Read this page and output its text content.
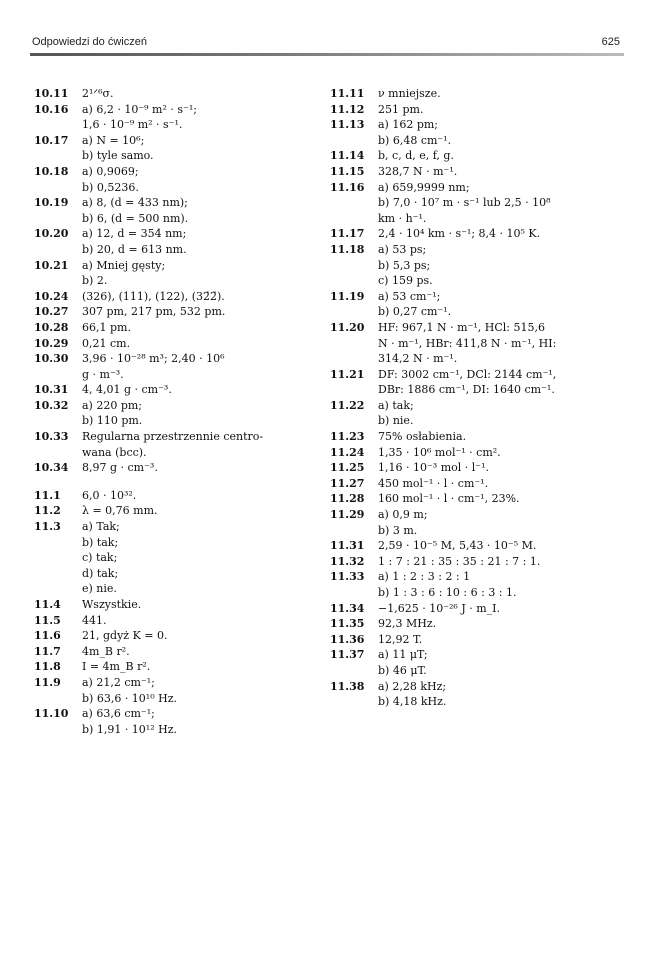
Odpowiedzi do ćwiczeń	625
10.11	2¹ᐟ⁶σ.
10.16	a) 6,2 · 10⁻⁹ m² · s⁻¹;
1,6 · 10⁻⁹ m² · s⁻¹.
10.17	a) N = 10⁶;
b) tyle samo.
10.18	a) 0,9069;
b) 0,5236.
10.19	a) 8, (d = 433 nm);
b) 6, (d = 500 nm).
10.20	a) 12, d = 354 nm;
b) 20, d = 613 nm.
10.21	a) Mniej gęsty;
b) 2.
10.24	(326), (111), (122), (32̄2̄).
10.27	307 pm, 217 pm, 532 pm.
10.28	66,1 pm.
10.29	0,21 cm.
10.30	3,96 · 10⁻²⁸ m³; 2,40 · 10⁶
g · m⁻³.
10.31	4, 4,01 g · cm⁻³.
10.32	a) 220 pm;
b) 110 pm.
10.33	Regularna przestrzennie centro-
wana (bcc).
10.34	8,97 g · cm⁻³.
11.1	6,0 · 10³².
11.2	λ = 0,76 mm.
11.3	a) Tak;
b) tak;
c) tak;
d) tak;
e) nie.
11.4	Wszystkie.
11.5	441.
11.6	21, gdyż K = 0.
11.7	4m_B r².
11.8	I = 4m_B r².
11.9	a) 21,2 cm⁻¹;
b) 63,6 · 10¹⁰ Hz.
11.10	a) 63,6 cm⁻¹;
b) 1,91 · 10¹² Hz.
11.11	ν mniejsze.
11.12	251 pm.
11.13	a) 162 pm;
b) 6,48 cm⁻¹.
11.14	b, c, d, e, f, g.
11.15	328,7 N · m⁻¹.
11.16	a) 659,9999 nm;
b) 7,0 · 10⁷ m · s⁻¹ lub 2,5 · 10⁸
km · h⁻¹.
11.17	2,4 · 10⁴ km · s⁻¹; 8,4 · 10⁵ K.
11.18	a) 53 ps;
b) 5,3 ps;
c) 159 ps.
11.19	a) 53 cm⁻¹;
b) 0,27 cm⁻¹.
11.20	HF: 967,1 N · m⁻¹, HCl: 515,6
N · m⁻¹, HBr: 411,8 N · m⁻¹, HI:
314,2 N · m⁻¹.
11.21	DF: 3002 cm⁻¹, DCl: 2144 cm⁻¹,
DBr: 1886 cm⁻¹, DI: 1640 cm⁻¹.
11.22	a) tak;
b) nie.
11.23	75% osłabienia.
11.24	1,35 · 10⁶ mol⁻¹ · cm².
11.25	1,16 · 10⁻³ mol · l⁻¹.
11.27	450 mol⁻¹ · l · cm⁻¹.
11.28	160 mol⁻¹ · l · cm⁻¹, 23%.
11.29	a) 0,9 m;
b) 3 m.
11.31	2,59 · 10⁻⁵ M, 5,43 · 10⁻⁵ M.
11.32	1 : 7 : 21 : 35 : 35 : 21 : 7 : 1.
11.33	a) 1 : 2 : 3 : 2 : 1
b) 1 : 3 : 6 : 10 : 6 : 3 : 1.
11.34	−1,625 · 10⁻²⁶ J · m_I.
11.35	92,3 MHz.
11.36	12,92 T.
11.37	a) 11 μT;
b) 46 μT.
11.38	a) 2,28 kHz;
b) 4,18 kHz.
